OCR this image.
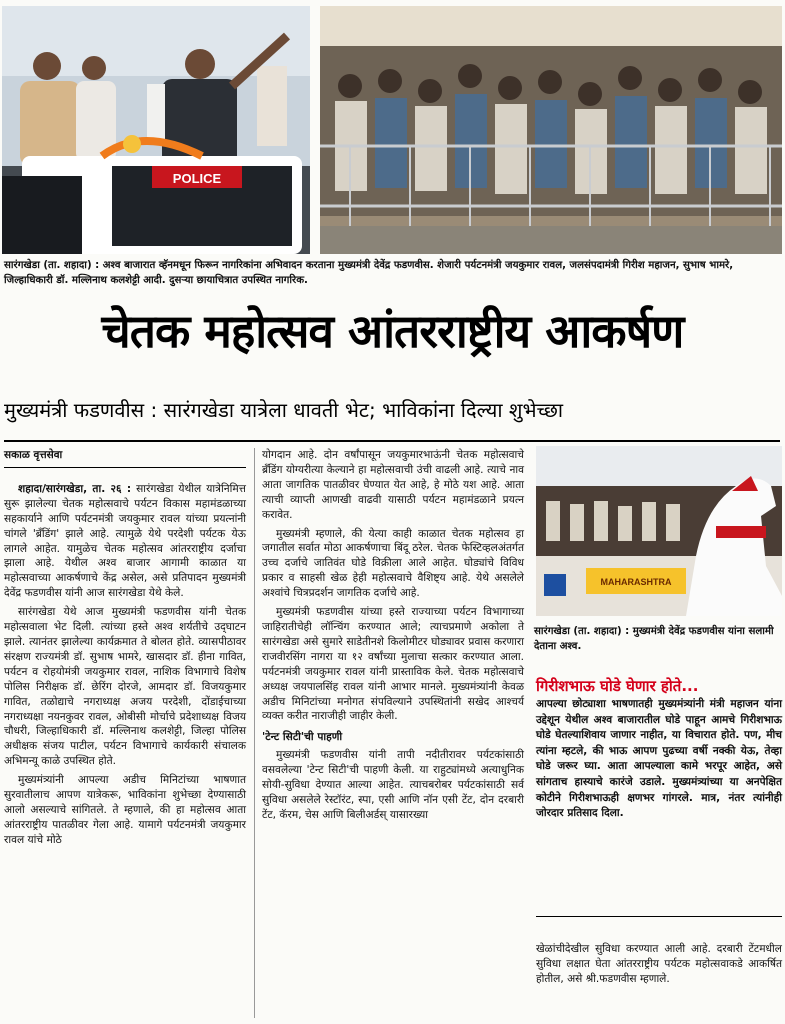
POLICE
सारंगखेडा (ता. शहादा) : अश्व बाजारात व्हॅनमधून फिरून नागरिकांना अभिवादन करताना मुख्यमंत्री देवेंद्र फडणवीस. शेजारी पर्यटनमंत्री जयकुमार रावल, जलसंपदामंत्री गिरीश महाजन, सुभाष भामरे, जिल्हाधिकारी डॉ. मल्लिनाथ कलशेट्टी आदी. दुसऱ्या छायाचित्रात उपस्थित नागरिक.
चेतक महोत्सव आंतरराष्ट्रीय आकर्षण
मुख्यमंत्री फडणवीस : सारंगखेडा यात्रेला धावती भेट; भाविकांना दिल्या शुभेच्छा
सकाळ वृत्तसेवा

शहादा/सारंगखेडा, ता. २६ : सारंगखेडा येथील यात्रेनिमित्त सुरू झालेल्या चेतक महोत्सवाचे पर्यटन विकास महामंडळाच्या सहकार्याने आणि पर्यटनमंत्री जयकुमार रावल यांच्या प्रयत्नांनी चांगले 'ब्रँडिंग' झाले आहे. त्यामुळे येथे परदेशी पर्यटक येऊ लागले आहेत. यामुळेच चेतक महोत्सव आंतरराष्ट्रीय दर्जाचा झाला आहे. येथील अश्व बाजार आगामी काळात या महोत्सवाच्या आकर्षणाचे केंद्र असेल, असे प्रतिपादन मुख्यमंत्री देवेंद्र फडणवीस यांनी आज सारंगखेडा येथे केले.

सारंगखेडा येथे आज मुख्यमंत्री फडणवीस यांनी चेतक महोत्सवाला भेट दिली. त्यांच्या हस्ते अश्व शर्यतीचे उद्‌घाटन झाले. त्यानंतर झालेल्या कार्यक्रमात ते बोलत होते. व्यासपीठावर संरक्षण राज्यमंत्री डॉ. सुभाष भामरे, खासदार डॉ. हीना गावित, पर्यटन व रोहयोमंत्री जयकुमार रावल, नाशिक विभागाचे विशेष पोलिस निरीक्षक डॉ. छेरिंग दोरजे, आमदार डॉ. विजयकुमार गावित, तळोद्याचे नगराध्यक्ष अजय परदेशी, दोंडाईचाच्या नगराध्यक्षा नयनकुवर रावल, ओबीसी मोर्चाचे प्रदेशाध्यक्ष विजय चौधरी, जिल्हाधिकारी डॉ. मल्लिनाथ कलशेट्टी, जिल्हा पोलिस अधीक्षक संजय पाटील, पर्यटन विभागाचे कार्यकारी संचालक अभिमन्यू काळे उपस्थित होते.

मुख्यमंत्र्यांनी आपल्या अडीच मिनिटांच्या भाषणात सुरवातीलाच आपण यात्रेकरू, भाविकांना शुभेच्छा देण्यासाठी आलो असल्याचे सांगितले. ते म्हणाले, की हा महोत्सव आता आंतरराष्ट्रीय पातळीवर गेला आहे. यामागे पर्यटनमंत्री जयकुमार रावल यांचे मोठे

योगदान आहे. दोन वर्षांपासून जयकुमारभाऊंनी चेतक महोत्सवाचे ब्रँडिंग योग्यरीत्या केल्याने हा महोत्सवाची उंची वाढली आहे. त्याचे नाव आता जागतिक पातळीवर घेण्यात येत आहे, हे मोठे यश आहे. आता त्याची व्याप्ती आणखी वाढवी यासाठी पर्यटन महामंडळाने प्रयत्न करावेत.

मुख्यमंत्री म्हणाले, की येत्या काही काळात चेतक महोत्सव हा जगातील सर्वात मोठा आकर्षणाचा बिंदू ठरेल. चेतक फेस्टिव्हलअंतर्गत उच्च दर्जाचे जातिवंत घोडे विक्रीला आले आहेत. घोड्यांचे विविध प्रकार व साहसी खेळ हेही महोत्सवाचे वैशिष्ट्य आहे. येथे असलेले अश्वांचे चित्रप्रदर्शन जागतिक दर्जाचे आहे.

मुख्यमंत्री फडणवीस यांच्या हस्ते राज्याच्या पर्यटन विभागाच्या जाहिरातीचेही लॉन्चिंग करण्यात आले; त्याचप्रमाणे अकोला ते सारंगखेडा असे सुमारे साडेतीनशे किलोमीटर घोड्यावर प्रवास करणारा राजवीरसिंग नागरा या १२ वर्षांच्या मुलाचा सत्कार करण्यात आला. पर्यटनमंत्री जयकुमार रावल यांनी प्रास्ताविक केले. चेतक महोत्सवाचे अध्यक्ष जयपालसिंह रावल यांनी आभार मानले. मुख्यमंत्र्यांनी केवळ अडीच मिनिटांच्या मनोगत संपविल्याने उपस्थितांनी सखेद आश्चर्य व्यक्त करीत नाराजीही जाहीर केली.

'टेन्ट सिटी'ची पाहणी

मुख्यमंत्री फडणवीस यांनी तापी नदीतीरावर पर्यटकांसाठी वसवलेल्या 'टेन्ट सिटी'ची पाहणी केली. या राहुट्यांमध्ये अत्याधुनिक सोयी-सुविधा देण्यात आल्या आहेत. त्याचबरोबर पर्यटकांसाठी सर्व सुविधा असलेले रेस्टॉरंट, स्पा, एसी आणि नॉन एसी टेंट, दोन दरबारी टेंट, कॅरम, चेस आणि बिलीअर्डस् यासारख्या

MAHARASHTRA
सारंगखेडा (ता. शहादा) : मुख्यमंत्री देवेंद्र फडणवीस यांना सलामी देताना अश्व.
गिरीशभाऊ घोडे घेणार होते...
आपल्या छोट्याशा भाषणातही मुख्यमंत्र्यांनी मंत्री महाजन यांना उद्देशून येथील अश्व बाजारातील घोडे पाहून आमचे गिरीशभाऊ घोडे घेतल्याशिवाय जाणार नाहीत, या विचारात होते. पण, मीच त्यांना म्हटले, की भाऊ आपण पुढच्या वर्षी नक्की येऊ, तेव्हा घोडे जरूर घ्या. आता आपल्याला कामे भरपूर आहेत, असे सांगताच हास्याचे कारंजे उडाले. मुख्यमंत्र्यांच्या या अनपेक्षित कोटीने गिरीशभाऊही क्षणभर गांगरले. मात्र, नंतर त्यांनीही जोरदार प्रतिसाद दिला.

खेळांचीदेखील सुविधा करण्यात आली आहे. दरबारी टेंटमधील सुविधा लक्षात घेता आंतरराष्ट्रीय पर्यटक महोत्सवाकडे आकर्षित होतील, असे श्री.फडणवीस म्हणाले.
